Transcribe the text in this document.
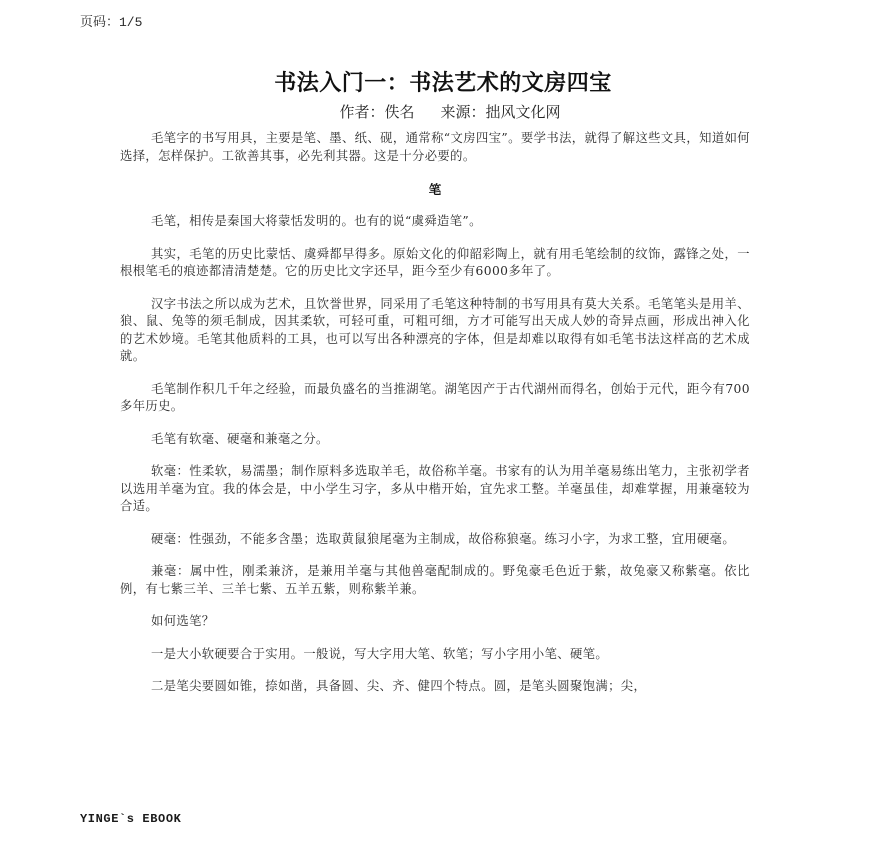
页码：1/5
书法入门一：书法艺术的文房四宝
作者：佚名 来源：拙风文化网

毛笔字的书写用具，主要是笔、墨、纸、砚，通常称“文房四宝”。要学书法，就得了解这些文具，知道如何选择，怎样保护。工欲善其事，必先利其器。这是十分必要的。

笔

毛笔，相传是秦国大将蒙恬发明的。也有的说“虞舜造笔”。

其实，毛笔的历史比蒙恬、虞舜都早得多。原始文化的仰韶彩陶上，就有用毛笔绘制的纹饰，露锋之处，一根根笔毛的痕迹都清清楚楚。它的历史比文字还早，距今至少有6000多年了。

汉字书法之所以成为艺术，且饮誉世界，同采用了毛笔这种特制的书写用具有莫大关系。毛笔笔头是用羊、狼、鼠、兔等的须毛制成，因其柔软，可轻可重，可粗可细，方才可能写出天成人妙的奇异点画，形成出神入化的艺术妙境。毛笔其他质料的工具，也可以写出各种漂亮的字体，但是却难以取得有如毛笔书法这样高的艺术成就。

毛笔制作积几千年之经验，而最负盛名的当推湖笔。湖笔因产于古代湖州而得名，创始于元代，距今有700多年历史。

毛笔有软毫、硬毫和兼毫之分。

软毫：性柔软，易濡墨；制作原料多选取羊毛，故俗称羊毫。书家有的认为用羊毫易练出笔力，主张初学者以选用羊毫为宜。我的体会是，中小学生习字，多从中楷开始，宜先求工整。羊毫虽佳，却难掌握，用兼毫较为合适。

硬毫：性强劲，不能多含墨；选取黄鼠狼尾毫为主制成，故俗称狼毫。练习小字，为求工整，宜用硬毫。

兼毫：属中性，刚柔兼济，是兼用羊毫与其他兽毫配制成的。野兔豪毛色近于紫，故兔豪又称紫毫。依比例，有七紫三羊、三羊七紫、五羊五紫，则称紫羊兼。

如何选笔？

一是大小软硬要合于实用。一般说，写大字用大笔、软笔；写小字用小笔、硬笔。

二是笔尖要圆如锥，捺如凿，具备圆、尖、齐、健四个特点。圆，是笔头圆聚饱满；尖，

YINGE`s EBOOK
